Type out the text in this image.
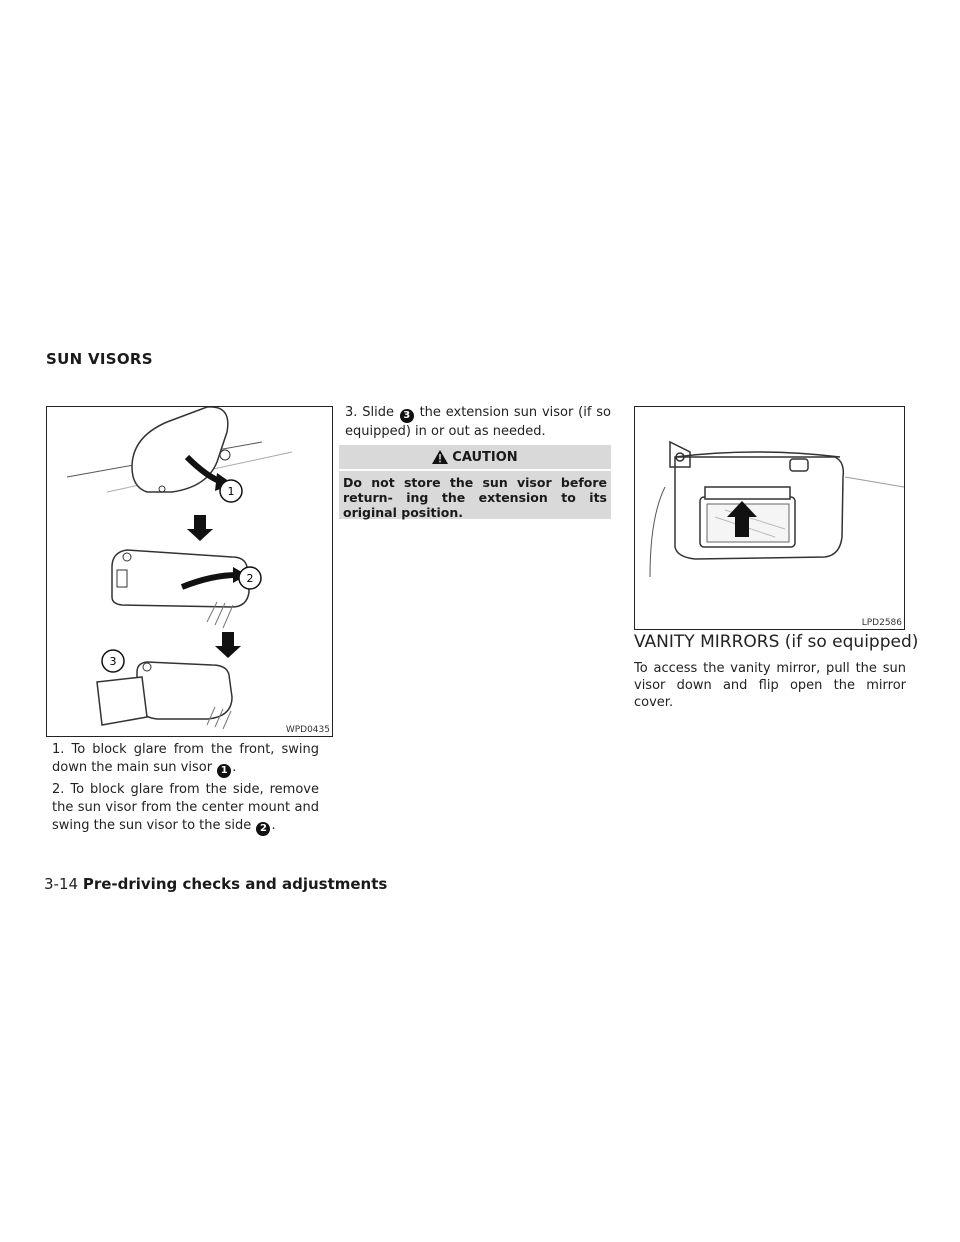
SUN VISORS
1
2
3
WPD0435
1. To block glare from the front, swing down the main sun visor 1 .
2. To block glare from the side, remove the sun visor from the center mount and swing the sun visor to the side 2 .
3. Slide 3 the extension sun visor (if so equipped) in or out as needed.
CAUTION
Do not store the sun visor before return- ing the extension to its original position.
LPD2586
VANITY MIRRORS (if so equipped)
To access the vanity mirror, pull the sun visor down and flip open the mirror cover.
3-14 Pre-driving checks and adjustments
